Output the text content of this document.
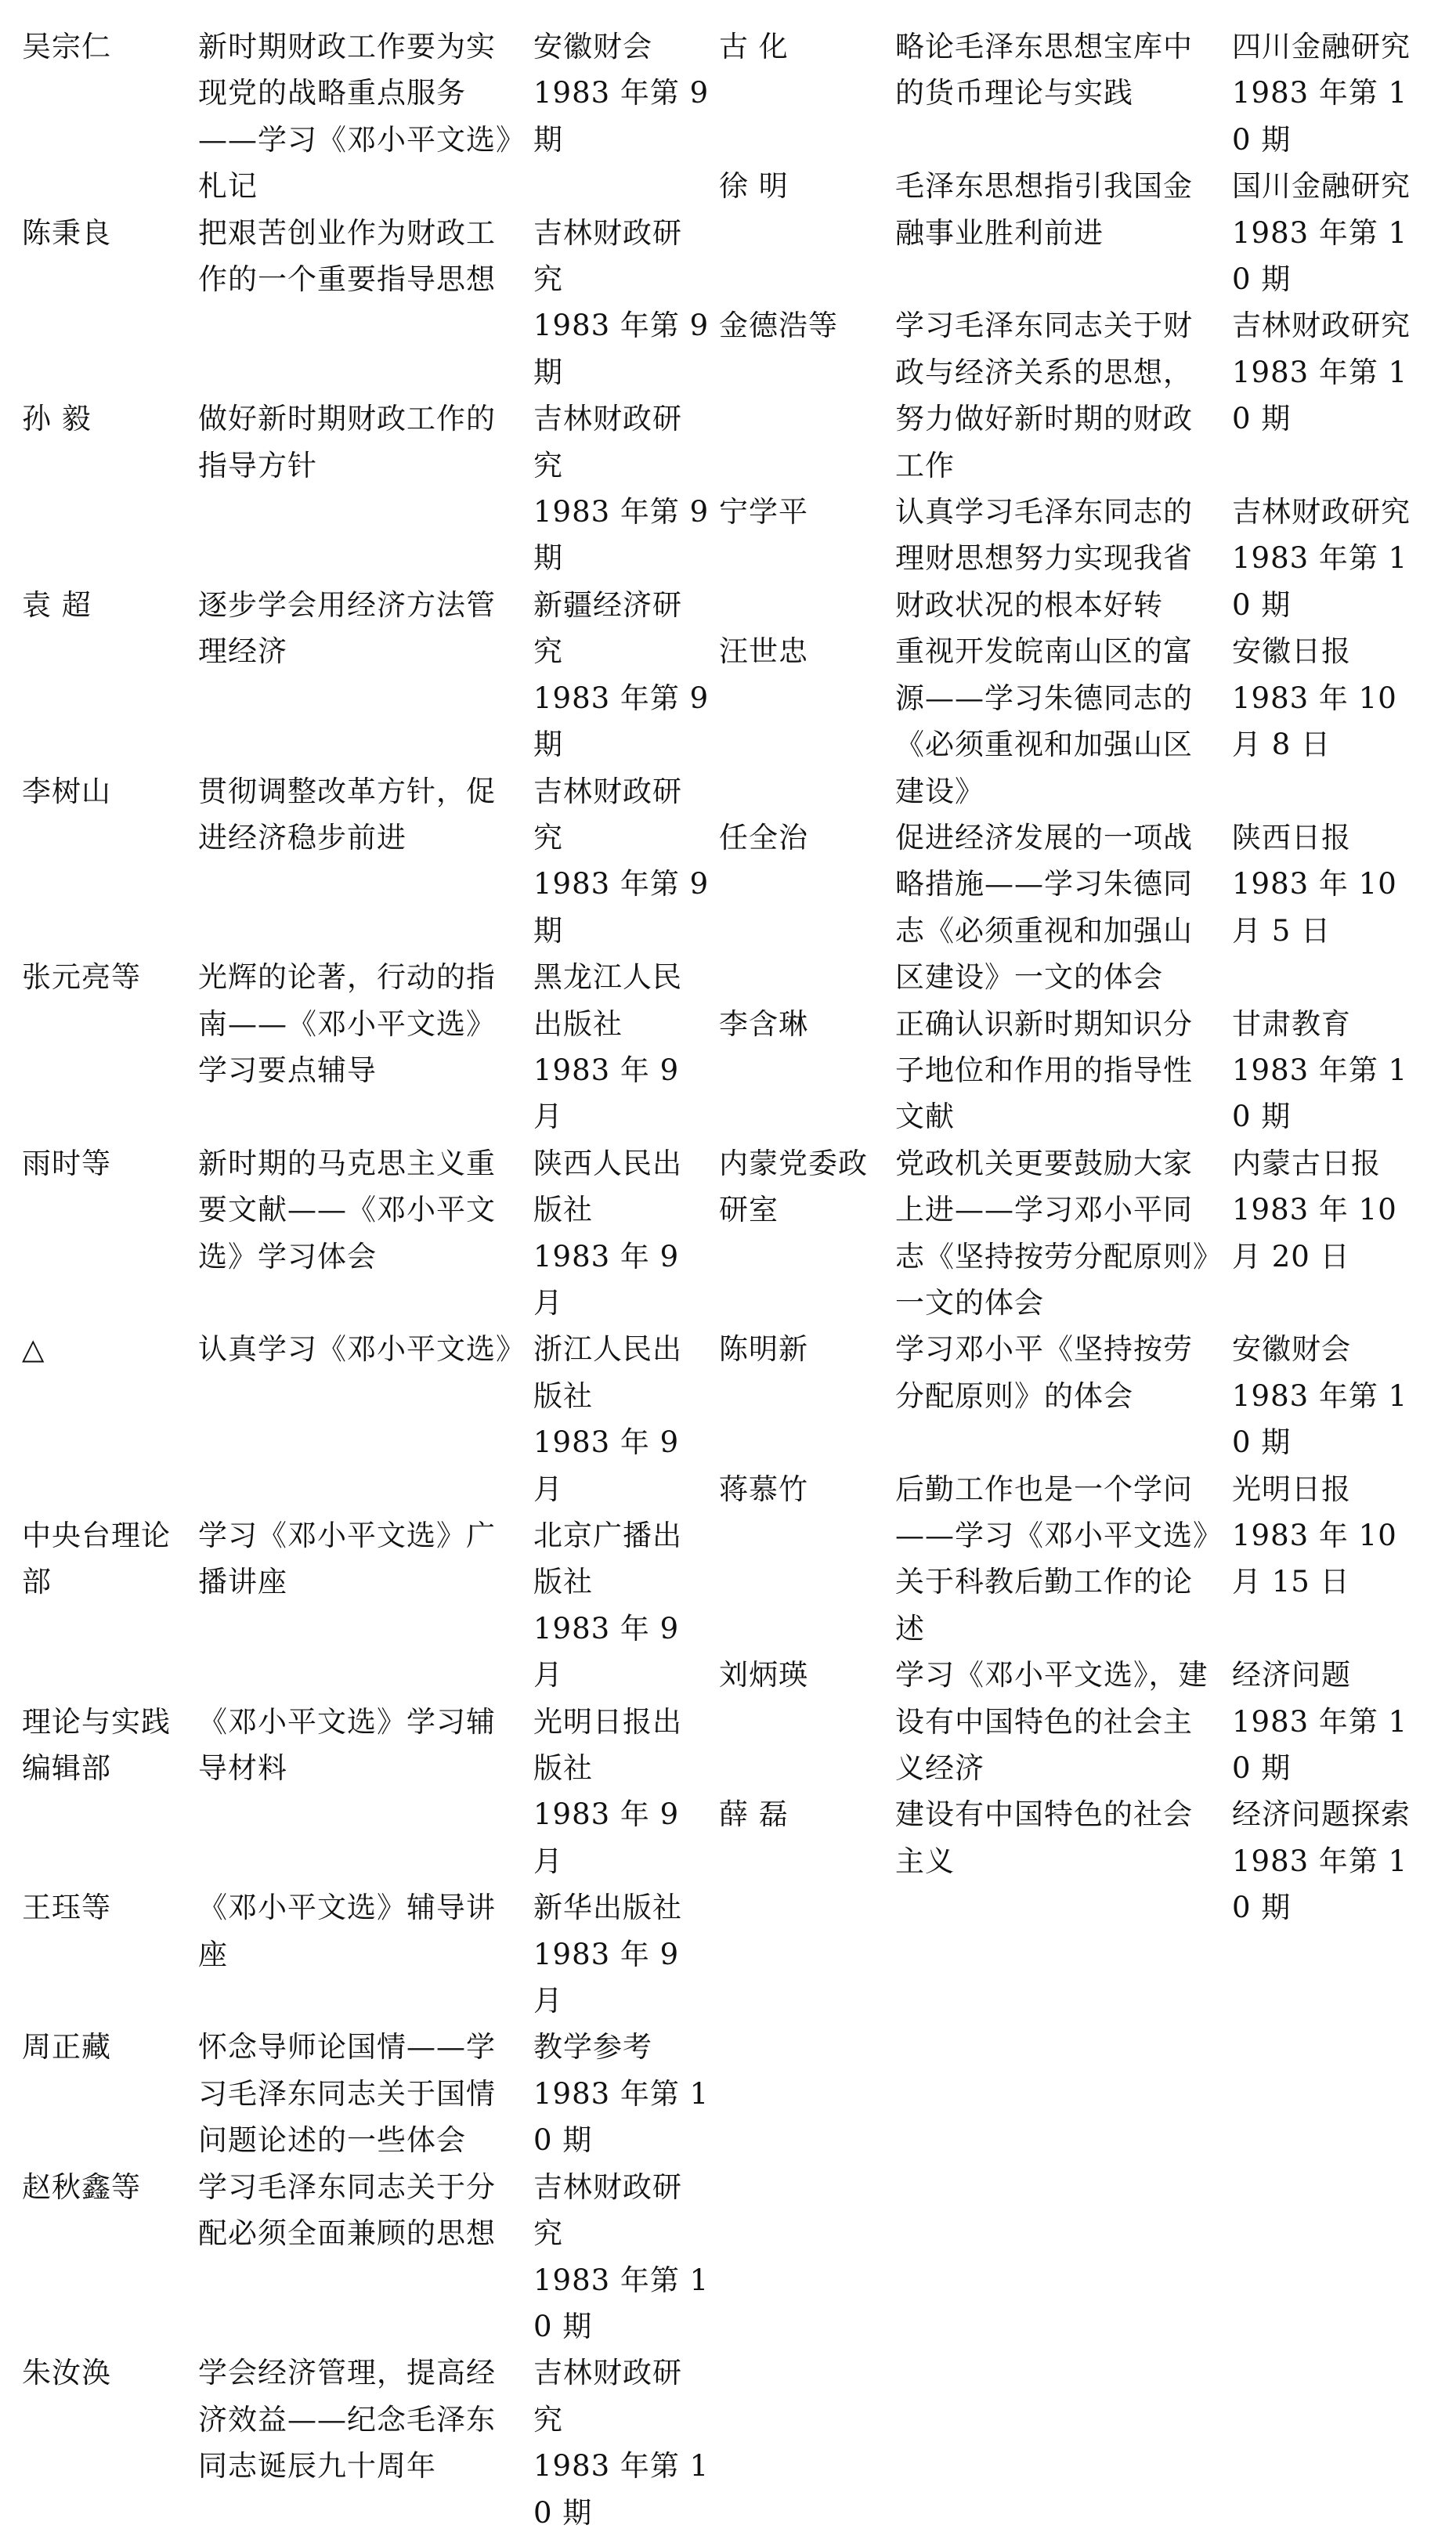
吴宗仁	新时期财政工作要为实现党的战略重点服务——学习《邓小平文选》札记	安徽财会
1983 年第 9 期

陈秉良	把艰苦创业作为财政工作的一个重要指导思想	吉林财政研究
1983 年第 9 期

孙 毅	做好新时期财政工作的指导方针	吉林财政研究
1983 年第 9 期

袁 超	逐步学会用经济方法管理经济	新疆经济研究
1983 年第 9 期

李树山	贯彻调整改革方针，促进经济稳步前进	吉林财政研究
1983 年第 9 期

张元亮等	光辉的论著，行动的指南——《邓小平文选》学习要点辅导	黑龙江人民出版社
1983 年 9 月

雨时等	新时期的马克思主义重要文献——《邓小平文选》学习体会	陕西人民出版社
1983 年 9 月

△	认真学习《邓小平文选》	浙江人民出版社
1983 年 9 月

中央台理论部	学习《邓小平文选》广播讲座	北京广播出版社
1983 年 9 月

理论与实践编辑部	《邓小平文选》学习辅导材料	光明日报出版社
1983 年 9 月

王珏等	《邓小平文选》辅导讲座	新华出版社
1983 年 9 月

周正藏	怀念导师论国情——学习毛泽东同志关于国情问题论述的一些体会	教学参考
1983 年第 10 期

赵秋鑫等	学习毛泽东同志关于分配必须全面兼顾的思想	吉林财政研究
1983 年第 10 期

朱汝涣	学会经济管理，提高经济效益——纪念毛泽东同志诞辰九十周年	吉林财政研究
1983 年第 10 期
古 化	略论毛泽东思想宝库中的货币理论与实践	四川金融研究
1983 年第 10 期

徐 明	毛泽东思想指引我国金融事业胜利前进	国川金融研究
1983 年第 10 期

金德浩等	学习毛泽东同志关于财政与经济关系的思想，努力做好新时期的财政工作	吉林财政研究
1983 年第 10 期

宁学平	认真学习毛泽东同志的理财思想努力实现我省财政状况的根本好转	吉林财政研究
1983 年第 10 期

汪世忠	重视开发皖南山区的富源——学习朱德同志的《必须重视和加强山区建设》	安徽日报
1983 年 10 月 8 日

任全治	促进经济发展的一项战略措施——学习朱德同志《必须重视和加强山区建设》一文的体会	陕西日报
1983 年 10 月 5 日

李含琳	正确认识新时期知识分子地位和作用的指导性文献	甘肃教育
1983 年第 10 期

内蒙党委政研室	党政机关更要鼓励大家上进——学习邓小平同志《坚持按劳分配原则》一文的体会	内蒙古日报
1983 年 10 月 20 日

陈明新	学习邓小平《坚持按劳分配原则》的体会	安徽财会
1983 年第 10 期

蒋慕竹	后勤工作也是一个学问——学习《邓小平文选》关于科教后勤工作的论述	光明日报
1983 年 10 月 15 日

刘炳瑛	学习《邓小平文选》，建设有中国特色的社会主义经济	经济问题
1983 年第 10 期

薛 磊	建设有中国特色的社会主义	经济问题探索
1983 年第 10 期
